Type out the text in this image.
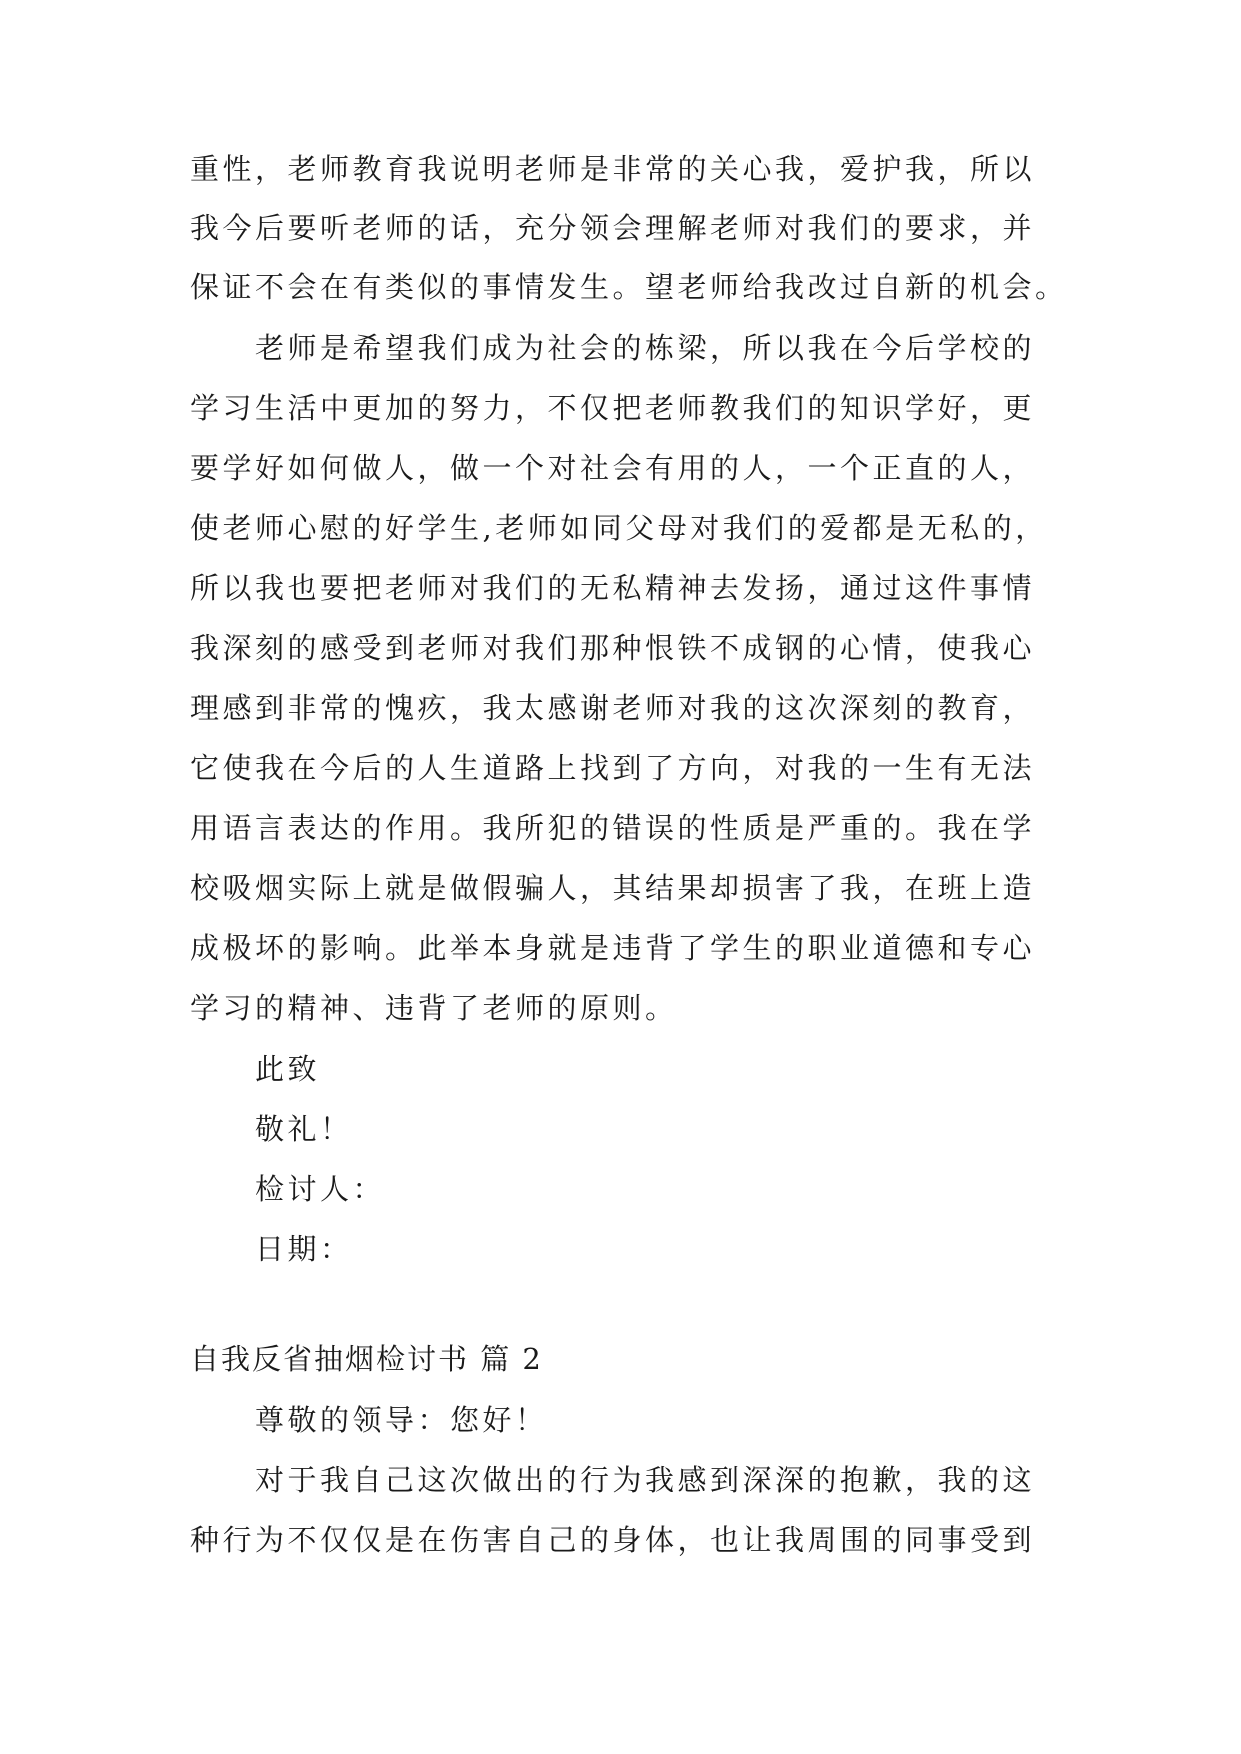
重性，老师教育我说明老师是非常的关心我，爱护我，所以
我今后要听老师的话，充分领会理解老师对我们的要求，并
保证不会在有类似的事情发生。望老师给我改过自新的机会。
老师是希望我们成为社会的栋梁，所以我在今后学校的
学习生活中更加的努力，不仅把老师教我们的知识学好，更
要学好如何做人，做一个对社会有用的人，一个正直的人，
使老师心慰的好学生,老师如同父母对我们的爱都是无私的，
所以我也要把老师对我们的无私精神去发扬，通过这件事情
我深刻的感受到老师对我们那种恨铁不成钢的心情，使我心
理感到非常的愧疚，我太感谢老师对我的这次深刻的教育，
它使我在今后的人生道路上找到了方向，对我的一生有无法
用语言表达的作用。我所犯的错误的性质是严重的。我在学
校吸烟实际上就是做假骗人，其结果却损害了我，在班上造
成极坏的影响。此举本身就是违背了学生的职业道德和专心
学习的精神、违背了老师的原则。
此致
敬礼！
检讨人：
日期：
自我反省抽烟检讨书 篇 2
尊敬的领导：您好！
对于我自己这次做出的行为我感到深深的抱歉，我的这
种行为不仅仅是在伤害自己的身体，也让我周围的同事受到
